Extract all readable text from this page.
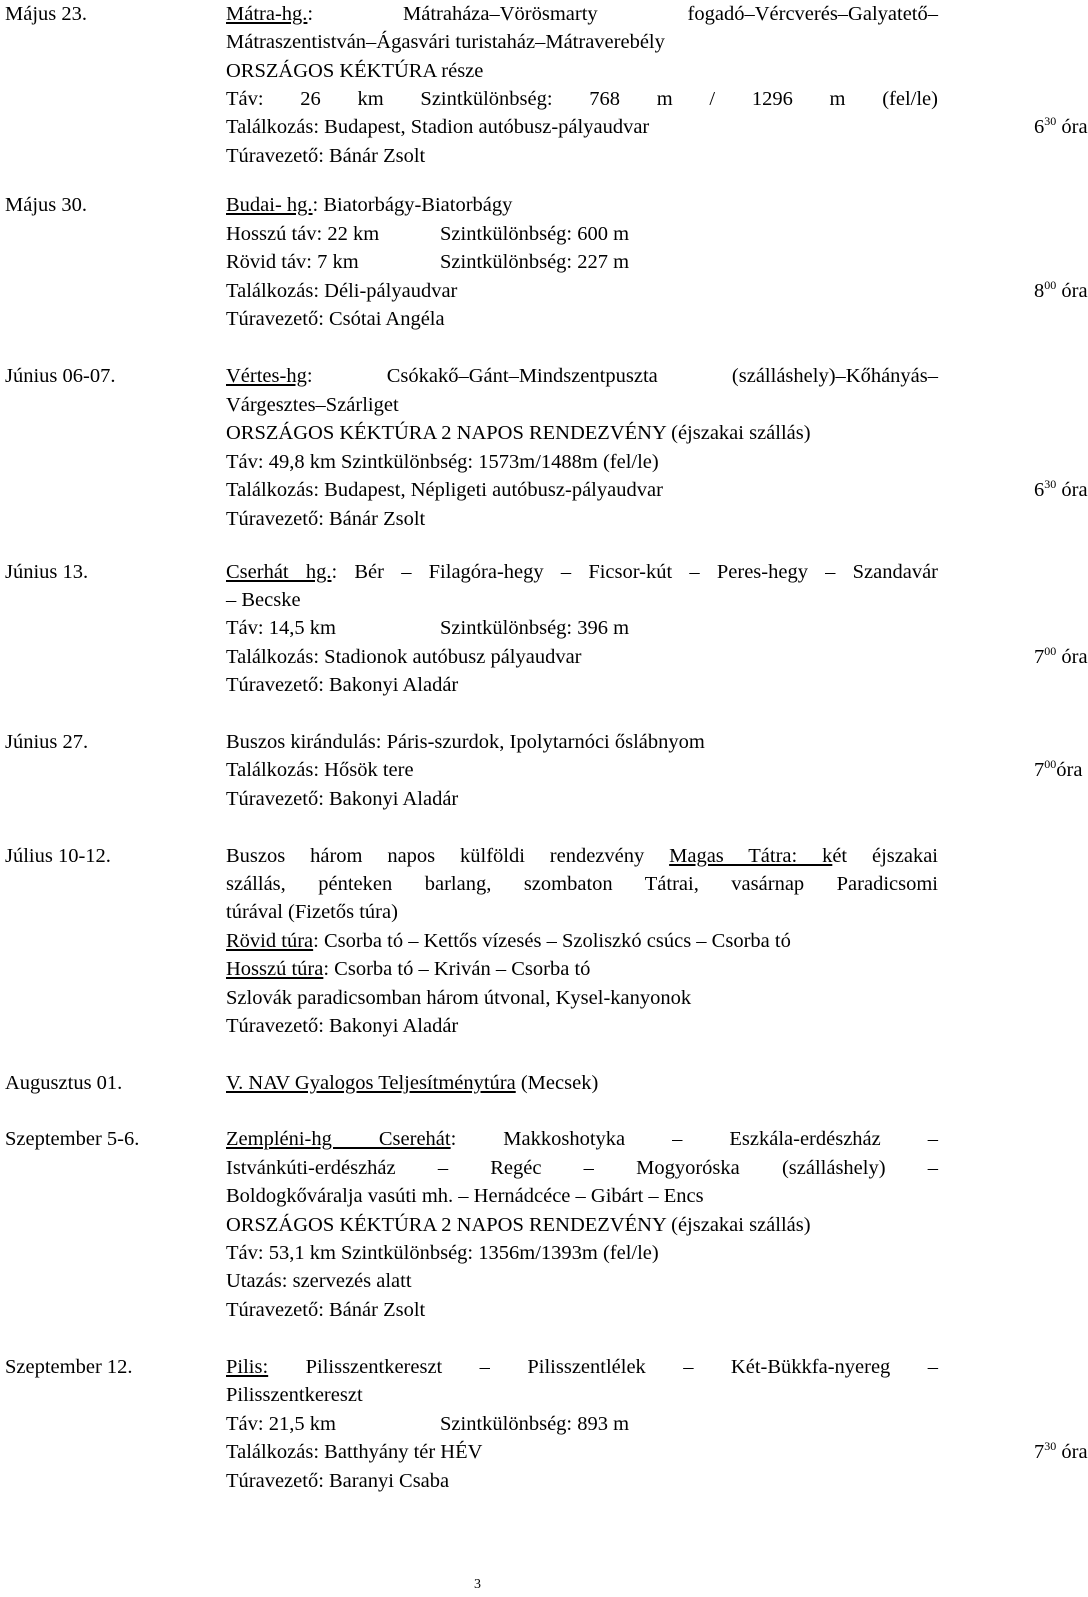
Május 23.	Mátra-hg.: Mátraháza–Vörösmarty fogadó–Vércverés–Galyatető–
Mátraszentistván–Ágasvári turistaház–Mátraverebély
ORSZÁGOS KÉKTÚRA része
Táv: 26 km Szintkülönbség: 768 m / 1296 m (fel/le)
Találkozás: Budapest, Stadion autóbusz-pályaudvar	$6^{30}$ óra
Túravezető: Bánár Zsolt
Május 30.	Budai- hg.: Biatorbágy-Biatorbágy
Hosszú táv: 22 km	Szintkülönbség: 600 m
Rövid táv: 7 km	Szintkülönbség: 227 m
Találkozás: Déli-pályaudvar	$8^{00}$ óra
Túravezető: Csótai Angéla
Június 06-07.	Vértes-hg: Csókakő–Gánt–Mindszentpuszta (szálláshely)–Kőhányás–
Várgesztes–Szárliget
ORSZÁGOS KÉKTÚRA 2 NAPOS RENDEZVÉNY (éjszakai szállás)
Táv: 49,8 km Szintkülönbség: 1573m/1488m (fel/le)
Találkozás: Budapest, Népligeti autóbusz-pályaudvar	$6^{30}$ óra
Túravezető: Bánár Zsolt
Június 13.	Cserhát hg.: Bér – Filagóra-hegy – Ficsor-kút – Peres-hegy – Szandavár
– Becske
Táv: 14,5 km	Szintkülönbség: 396 m
Találkozás: Stadionok autóbusz pályaudvar	$7^{00}$ óra
Túravezető: Bakonyi Aladár
Június 27.	Buszos kirándulás: Páris-szurdok, Ipolytarnóci őslábnyom
Találkozás: Hősök tere	$7^{00}óra$
Túravezető: Bakonyi Aladár
Július 10-12.	Buszos három napos külföldi rendezvény Magas Tátra: két éjszakai
szállás, pénteken barlang, szombaton Tátrai, vasárnap Paradicsomi
túrával (Fizetős túra)
Rövid túra: Csorba tó – Kettős vízesés – Szoliszkó csúcs – Csorba tó
Hosszú túra: Csorba tó – Kriván – Csorba tó
Szlovák paradicsomban három útvonal, Kysel-kanyonok
Túravezető: Bakonyi Aladár
Augusztus 01.	V. NAV Gyalogos Teljesítménytúra (Mecsek)
Szeptember 5-6.	Zempléni-hg Cserehát: Makkoshotyka – Eszkála-erdészház –
Istvánkúti-erdészház – Regéc – Mogyoróska (szálláshely) –
Boldogkőváralja vasúti mh. – Hernádcéce – Gibárt – Encs
ORSZÁGOS KÉKTÚRA 2 NAPOS RENDEZVÉNY (éjszakai szállás)
Táv: 53,1 km Szintkülönbség: 1356m/1393m (fel/le)
Utazás: szervezés alatt
Túravezető: Bánár Zsolt
Szeptember 12.	Pilis: Pilisszentkereszt – Pilisszentlélek – Két-Bükkfa-nyereg –
Pilisszentkereszt
Táv: 21,5 km	Szintkülönbség: 893 m
Találkozás: Batthyány tér HÉV	$7^{30}$ óra
Túravezető: Baranyi Csaba
3
